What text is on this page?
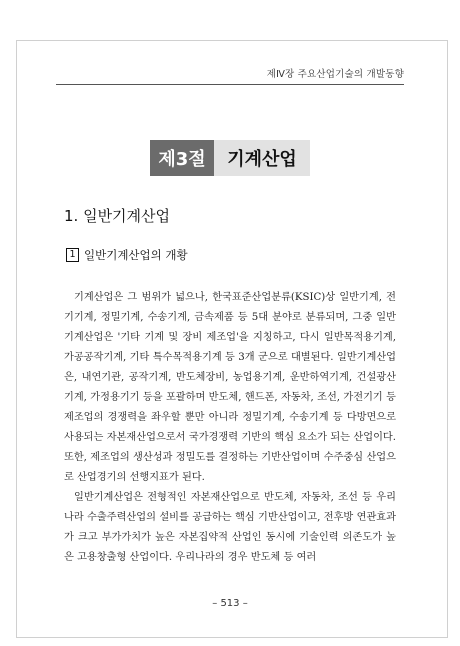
제Ⅳ장 주요산업기술의 개발동향
제3절	기계산업
1. 일반기계산업
1 일반기계산업의 개황

기계산업은 그 범위가 넓으나, 한국표준산업분류(KSIC)상 일반기계, 전기기계, 정밀기계, 수송기계, 금속제품 등 5대 분야로 분류되며, 그중 일반기계산업은 '기타 기계 및 장비 제조업'을 지칭하고, 다시 일반목적용기계, 가공공작기계, 기타 특수목적용기계 등 3개 군으로 대별된다. 일반기계산업은, 내연기관, 공작기계, 반도체장비, 농업용기계, 운반하역기계, 건설광산기계, 가정용기기 등을 포괄하며 반도체, 핸드폰, 자동차, 조선, 가전기기 등 제조업의 경쟁력을 좌우할 뿐만 아니라 정밀기계, 수송기계 등 다방면으로 사용되는 자본재산업으로서 국가경쟁력 기반의 핵심 요소가 되는 산업이다. 또한, 제조업의 생산성과 정밀도를 결정하는 기반산업이며 수주중심 산업으로 산업경기의 선행지표가 된다.

일반기계산업은 전형적인 자본재산업으로 반도체, 자동차, 조선 등 우리나라 수출주력산업의 설비를 공급하는 핵심 기반산업이고, 전후방 연관효과가 크고 부가가치가 높은 자본집약적 산업인 동시에 기술인력 의존도가 높은 고용창출형 산업이다. 우리나라의 경우 반도체 등 여러

– 513 –
